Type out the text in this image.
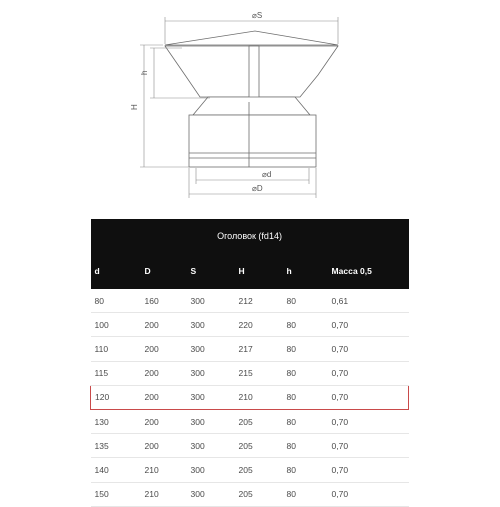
⌀S
h
H
⌀d
⌀D
Оголовок (fd14)					
d	D	S	H	h	Масса 0,5
80	160	300	212	80	0,61
100	200	300	220	80	0,70
110	200	300	217	80	0,70
115	200	300	215	80	0,70
120	200	300	210	80	0,70
130	200	300	205	80	0,70
135	200	300	205	80	0,70
140	210	300	205	80	0,70
150	210	300	205	80	0,70
